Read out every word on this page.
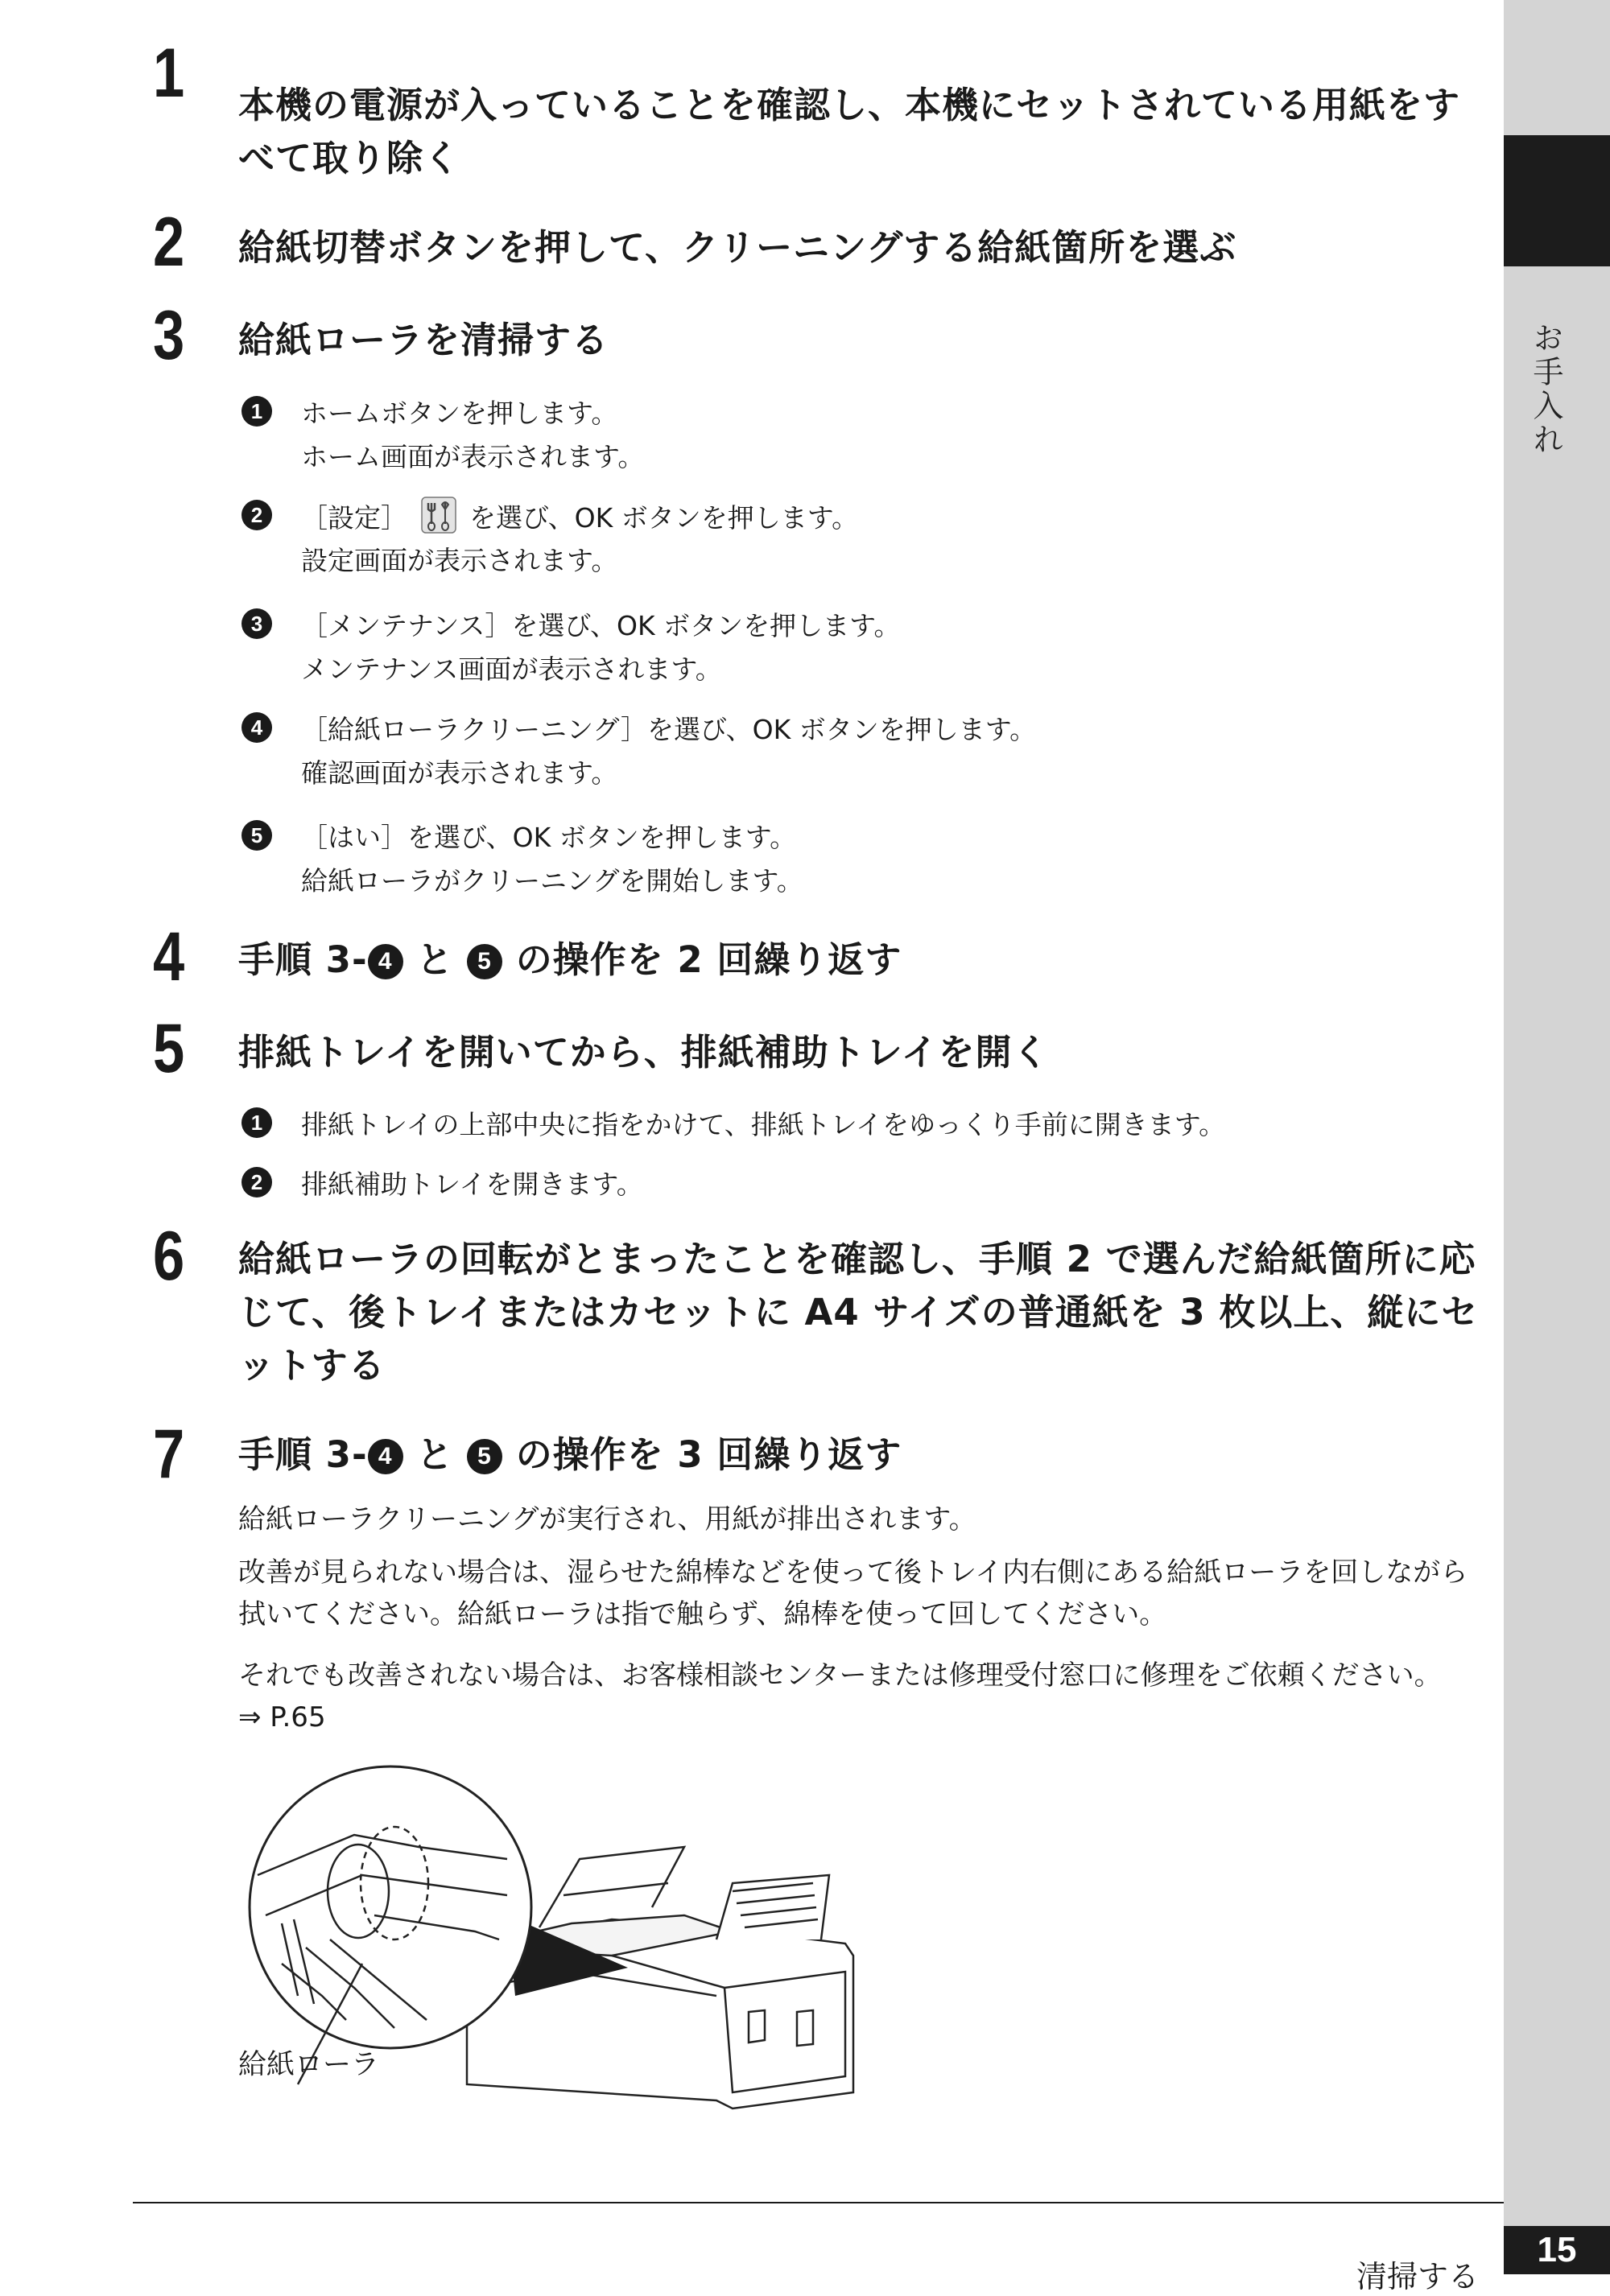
お手入れ
1 本機の電源が入っていることを確認し、本機にセットされている用紙をすべて取り除く
2 給紙切替ボタンを押して、クリーニングする給紙箇所を選ぶ
3 給紙ローラを清掃する
1	ホームボタンを押します。
ホーム画面が表示されます。
2	［設定］ を選び、OK ボタンを押します。
設定画面が表示されます。
3	［メンテナンス］を選び、OK ボタンを押します。
メンテナンス画面が表示されます。
4	［給紙ローラクリーニング］を選び、OK ボタンを押します。
確認画面が表示されます。
5	［はい］を選び、OK ボタンを押します。
給紙ローラがクリーニングを開始します。
4 手順 3- 4 と 5 の操作を 2 回繰り返す
5 排紙トレイを開いてから、排紙補助トレイを開く
1	排紙トレイの上部中央に指をかけて、排紙トレイをゆっくり手前に開きます。
2	排紙補助トレイを開きます。
6 給紙ローラの回転がとまったことを確認し、手順 2 で選んだ給紙箇所に応じて、後トレイまたはカセットに A4 サイズの普通紙を 3 枚以上、縦にセットする
7 手順 3- 4 と 5 の操作を 3 回繰り返す
給紙ローラクリーニングが実行され、用紙が排出されます。
改善が見られない場合は、湿らせた綿棒などを使って後トレイ内右側にある給紙ローラを回しながら拭いてください。給紙ローラは指で触らず、綿棒を使って回してください。
それでも改善されない場合は、お客様相談センターまたは修理受付窓口に修理をご依頼ください。
⇒ P.65
給紙ローラ
清掃する
15
